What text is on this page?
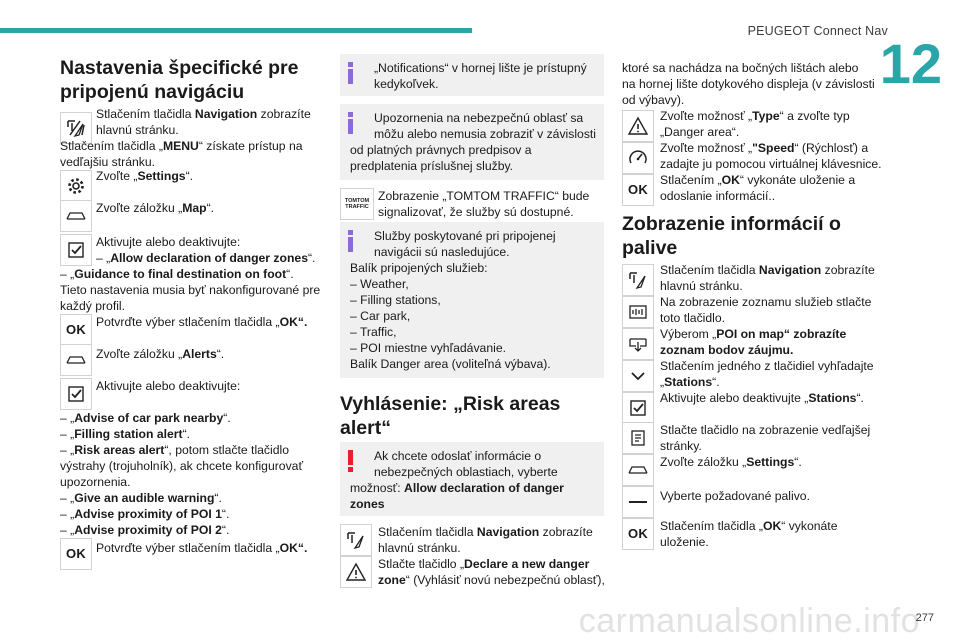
PEUGEOT Connect Nav
12
carmanualsonline.info
277
Nastavenia špecifické pre pripojenú navigáciu
Stlačením tlačidla Navigation zobrazíte
hlavnú stránku.
Stlačením tlačidla „MENU“ získate prístup na
vedľajšiu stránku.
Zvoľte „Settings“.
Zvoľte záložku „Map“.
Aktivujte alebo deaktivujte:
– „Allow declaration of danger zones“.
– „Guidance to final destination on foot“.
Tieto nastavenia musia byť nakonfigurované pre
každý profil.
OK Potvrďte výber stlačením tlačidla „OK“.
Zvoľte záložku „Alerts“.
Aktivujte alebo deaktivujte:
– „Advise of car park nearby“.
– „Filling station alert“.
– „Risk areas alert“, potom stlačte tlačidlo
výstrahy (trojuholník), ak chcete konfigurovať
upozornenia.
– „Give an audible warning“.
– „Advise proximity of POI 1“.
– „Advise proximity of POI 2“.
OK Potvrďte výber stlačením tlačidla „OK“.
„Notifications“ v hornej lište je prístupný
kedykoľvek.
Upozornenia na nebezpečnú oblasť sa
môžu alebo nemusia zobraziť v závislosti
od platných právnych predpisov a
predplatenia príslušnej služby.
TOMTOM
TRAFFIC
Zobrazenie „TOMTOM TRAFFIC“ bude
signalizovať, že služby sú dostupné.
Služby poskytované pri pripojenej
navigácii sú nasledujúce.
Balík pripojených služieb:
– Weather,
– Filling stations,
– Car park,
– Traffic,
– POI miestne vyhľadávanie.
Balík Danger area (voliteľná výbava).
Vyhlásenie: „Risk areas alert“
Ak chcete odoslať informácie o
nebezpečných oblastiach, vyberte
možnosť: Allow declaration of danger
zones
Stlačením tlačidla Navigation zobrazíte
hlavnú stránku.
Stlačte tlačidlo „Declare a new danger
zone“ (Vyhlásiť novú nebezpečnú oblasť),
ktoré sa nachádza na bočných lištách alebo
na hornej lište dotykového displeja (v závislosti
od výbavy).
Zvoľte možnosť „Type“ a zvoľte typ
„Danger area“.
Zvoľte možnosť „"Speed“ (Rýchlosť) a
zadajte ju pomocou virtuálnej klávesnice.
OK
Stlačením „OK“ vykonáte uloženie a
odoslanie informácií..
Zobrazenie informácií o palive
Stlačením tlačidla Navigation zobrazíte
hlavnú stránku.
Na zobrazenie zoznamu služieb stlačte
toto tlačidlo.
Výberom „POI on map“ zobrazíte
zoznam bodov záujmu.
Stlačením jedného z tlačidiel vyhľadajte
„Stations“.
Aktivujte alebo deaktivujte „Stations“.
Stlačte tlačidlo na zobrazenie vedľajšej
stránky.
Zvoľte záložku „Settings“.
Vyberte požadované palivo.
OK Stlačením tlačidla „OK“ vykonáte
uloženie.
